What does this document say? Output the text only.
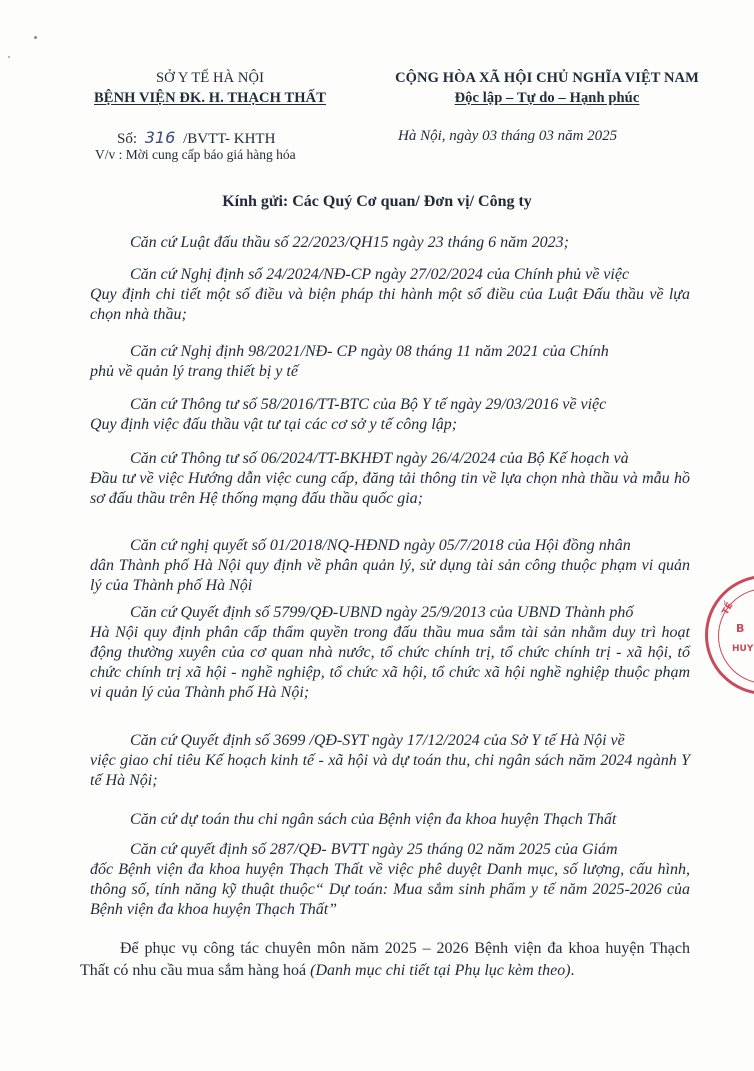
SỞ Y TẾ HÀ NỘI
BỆNH VIỆN ĐK. H. THẠCH THẤT
CỘNG HÒA XÃ HỘI CHỦ NGHĨA VIỆT NAM
Độc lập – Tự do – Hạnh phúc
Số: 316 /BVTT- KHTH
V/v : Mời cung cấp báo giá hàng hóa
Hà Nội, ngày 03 tháng 03 năm 2025
Kính gửi: Các Quý Cơ quan/ Đơn vị/ Công ty
Căn cứ Luật đấu thầu số 22/2023/QH15 ngày 23 tháng 6 năm 2023;
Căn cứ Nghị định số 24/2024/NĐ-CP ngày 27/02/2024 của Chính phủ về việc
Quy định chi tiết một số điều và biện pháp thi hành một số điều của Luật Đấu thầu về lựa chọn nhà thầu;
Căn cứ Nghị định 98/2021/NĐ- CP ngày 08 tháng 11 năm 2021 của Chính
phủ về quản lý trang thiết bị y tế
Căn cứ Thông tư số 58/2016/TT-BTC của Bộ Y tế ngày 29/03/2016 về việc
Quy định việc đấu thầu vật tư tại các cơ sở y tế công lập;
Căn cứ Thông tư số 06/2024/TT-BKHĐT ngày 26/4/2024 của Bộ Kế hoạch và
Đầu tư về việc Hướng dẫn việc cung cấp, đăng tải thông tin về lựa chọn nhà thầu và mẫu hồ sơ đấu thầu trên Hệ thống mạng đấu thầu quốc gia;
Căn cứ nghị quyết số 01/2018/NQ-HĐND ngày 05/7/2018 của Hội đồng nhân
dân Thành phố Hà Nội quy định về phân quản lý, sử dụng tài sản công thuộc phạm vi quản lý của Thành phố Hà Nội
Căn cứ Quyết định số 5799/QĐ-UBND ngày 25/9/2013 của UBND Thành phố
Hà Nội quy định phân cấp thẩm quyền trong đấu thầu mua sắm tài sản nhằm duy trì hoạt động thường xuyên của cơ quan nhà nước, tổ chức chính trị, tổ chức chính trị - xã hội, tổ chức chính trị xã hội - nghề nghiệp, tổ chức xã hội, tổ chức xã hội nghề nghiệp thuộc phạm vi quản lý của Thành phố Hà Nội;
Căn cứ Quyết định số 3699 /QĐ-SYT ngày 17/12/2024 của Sở Y tế Hà Nội về
việc giao chỉ tiêu Kế hoạch kinh tế - xã hội và dự toán thu, chi ngân sách năm 2024 ngành Y tế Hà Nội;
Căn cứ dự toán thu chi ngân sách của Bệnh viện đa khoa huyện Thạch Thất
Căn cứ quyết định số 287/QĐ- BVTT ngày 25 tháng 02 năm 2025 của Giám
đốc Bệnh viện đa khoa huyện Thạch Thất về việc phê duyệt Danh mục, số lượng, cấu hình, thông số, tính năng kỹ thuật thuộc“ Dự toán: Mua sắm sinh phẩm y tế năm 2025-2026 của Bệnh viện đa khoa huyện Thạch Thất”
Để phục vụ công tác chuyên môn năm 2025 – 2026 Bệnh viện đa khoa huyện Thạch Thất có nhu cầu mua sắm hàng hoá (Danh mục chi tiết tại Phụ lục kèm theo).
TẾ
B
HUY
